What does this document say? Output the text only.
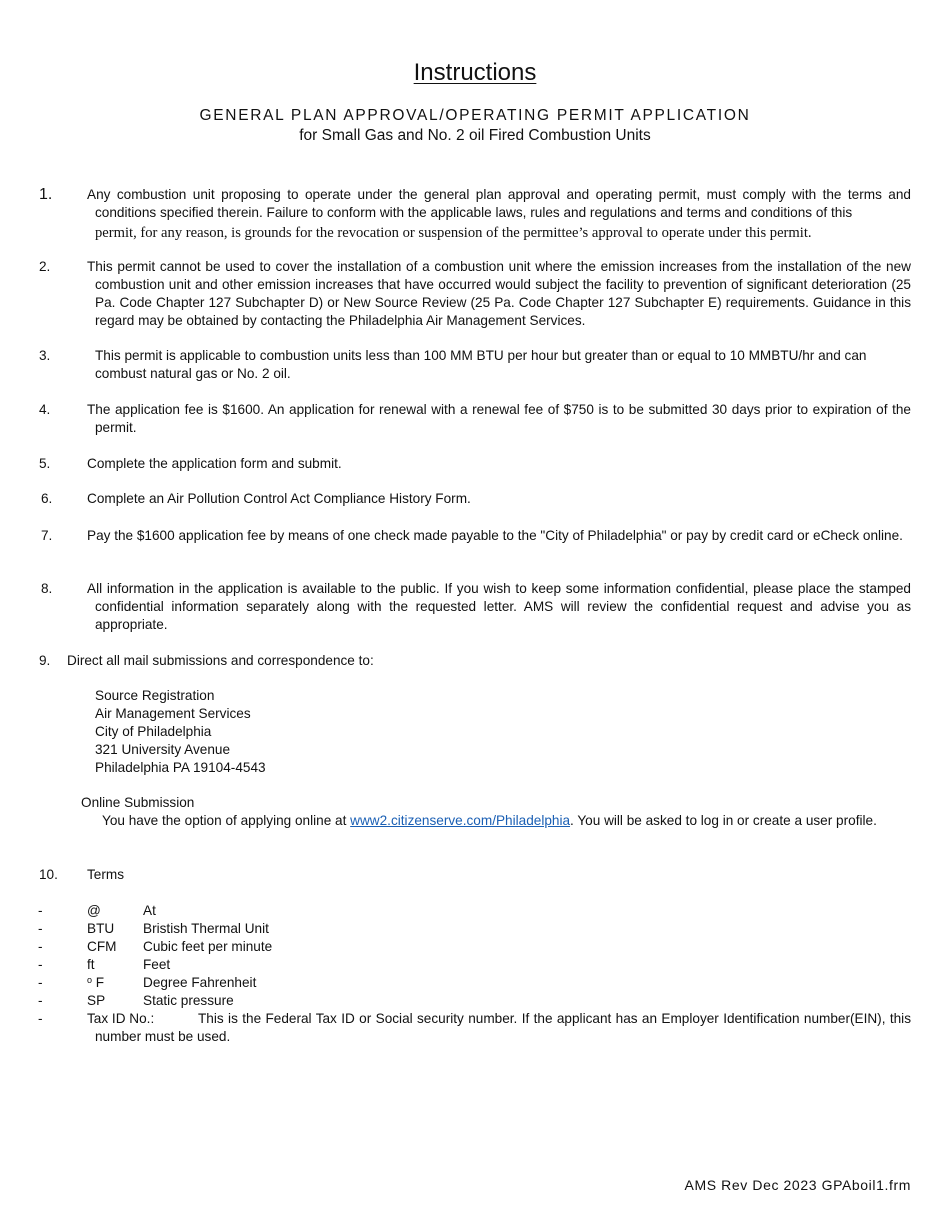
Instructions
GENERAL PLAN APPROVAL/OPERATING PERMIT APPLICATION
for Small Gas and No. 2 oil Fired Combustion Units
1.	Any combustion unit proposing to operate under the general plan approval and operating permit, must comply with the terms and conditions specified therein. Failure to conform with the applicable laws, rules and regulations and terms and conditions of this
permit, for any reason, is grounds for the revocation or suspension of the permittee’s approval to operate under this permit.
2.	This permit cannot be used to cover the installation of a combustion unit where the emission increases from the installation of the new combustion unit and other emission increases that have occurred would subject the facility to prevention of significant deterioration (25 Pa. Code Chapter 127 Subchapter D) or New Source Review (25 Pa. Code Chapter 127 Subchapter E) requirements. Guidance in this regard may be obtained by contacting the Philadelphia Air Management Services.
3.	This permit is applicable to combustion units less than 100 MM BTU per hour but greater than or equal to 10 MMBTU/hr and can combust natural gas or No. 2 oil.
4.	The application fee is $1600. An application for renewal with a renewal fee of $750 is to be submitted 30 days prior to expiration of the permit.
5.	Complete the application form and submit.
6.	Complete an Air Pollution Control Act Compliance History Form.
7.	Pay the $1600 application fee by means of one check made payable to the "City of Philadelphia" or pay by credit card or eCheck online.
8.	All information in the application is available to the public. If you wish to keep some information confidential, please place the stamped confidential information separately along with the requested letter. AMS will review the confidential request and advise you as appropriate.
9. Direct all mail submissions and correspondence to:
Source Registration
Air Management Services
City of Philadelphia
321 University Avenue
Philadelphia PA 19104-4543
Online Submission
You have the option of applying online at www2.citizenserve.com/Philadelphia. You will be asked to log in or create a user profile.
10. Terms
-	@	At
-	BTU Bristish Thermal Unit
-	CFM Cubic feet per minute
-	ft	Feet
-	$^o$ F	Degree Fahrenheit
-	SP	Static pressure
-	Tax ID No.:	This is the Federal Tax ID or Social security number. If the applicant has an Employer Identification number(EIN), this number must be used.
AMS Rev Dec 2023 GPAboil1.frm
